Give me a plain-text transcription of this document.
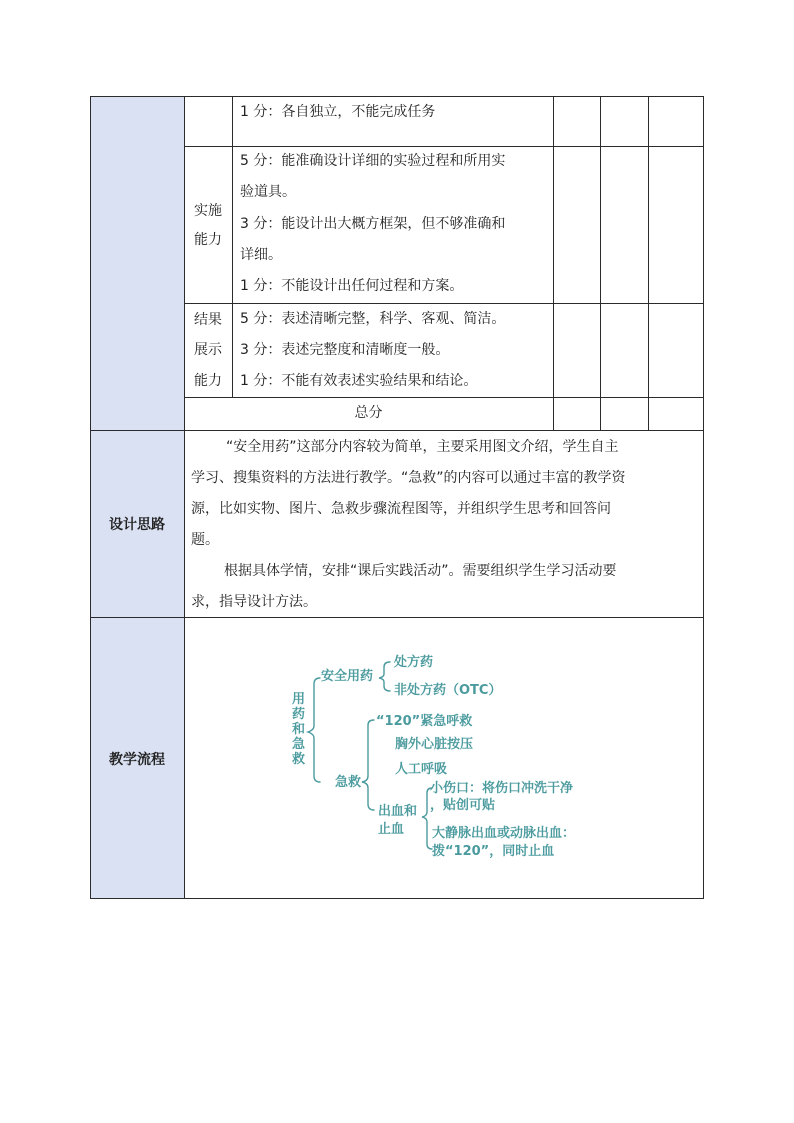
1 分：各自独立，不能完成任务
实施
能力
5 分：能准确设计详细的实验过程和所用实
验道具。
3 分：能设计出大概方框架，但不够准确和
详细。
1 分：不能设计出任何过程和方案。
结果
展示
能力
5 分：表述清晰完整，科学、客观、简洁。
3 分：表述完整度和清晰度一般。
1 分：不能有效表述实验结果和结论。
总分
设计思路
“安全用药”这部分内容较为简单，主要采用图文介绍，学生自主
学习、搜集资料的方法进行教学。“急救”的内容可以通过丰富的教学资
源，比如实物、图片、急救步骤流程图等，并组织学生思考和回答问
题。
根据具体学情，安排“课后实践活动”。需要组织学生学习活动要
求，指导设计方法。
教学流程
用药和急救
安全用药
处方药
非处方药（OTC）
急救
“120”紧急呼救
胸外心脏按压
人工呼吸
出血和
止血
小伤口：将伤口冲洗干净
，贴创可贴
大静脉出血或动脉出血：
拨“120”，同时止血
